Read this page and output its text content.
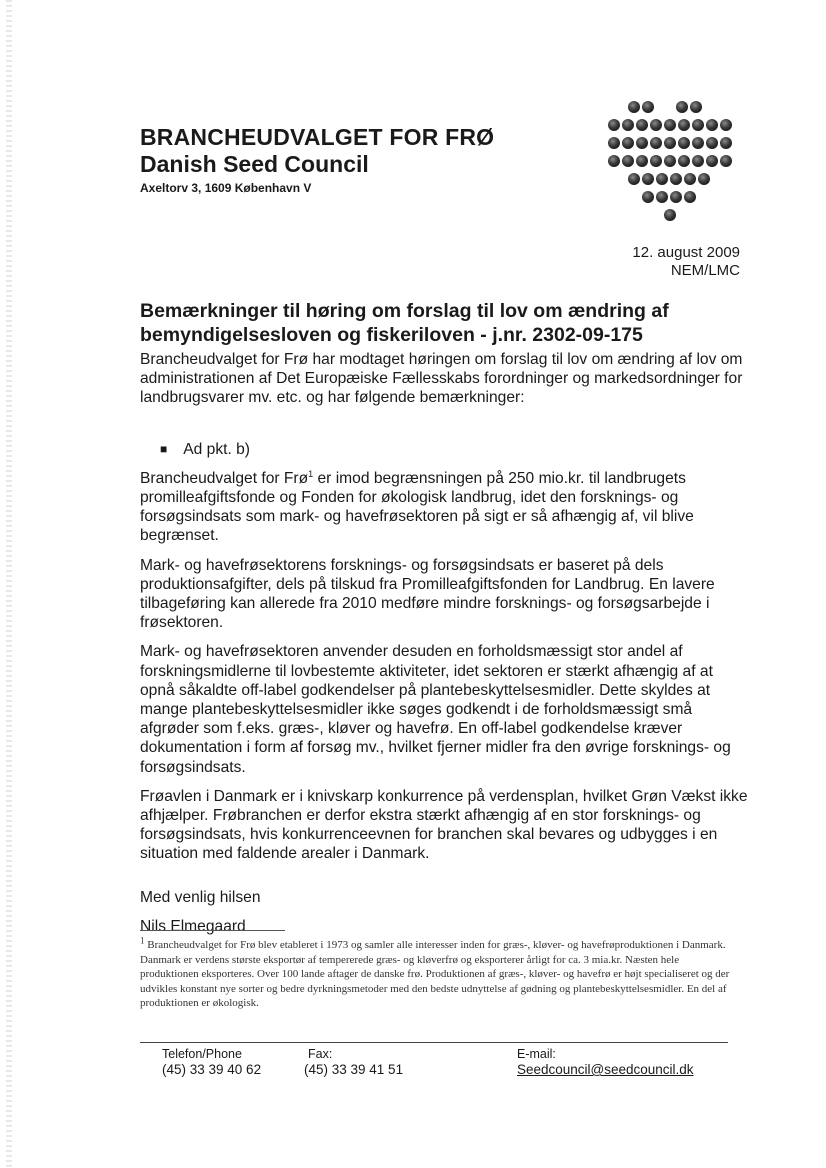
BRANCHEUDVALGET FOR FRØ
Danish Seed Council
Axeltorv 3, 1609 København V
12. august 2009
NEM/LMC
Bemærkninger til høring om forslag til lov om ændring af
bemyndigelsesloven og fiskeriloven - j.nr. 2302-09-175

Brancheudvalget for Frø har modtaget høringen om forslag til lov om ændring af lov om administrationen af Det Europæiske Fællesskabs forordninger og markedsordninger for landbrugsvarer mv. etc. og har følgende bemærkninger:

■ Ad pkt. b)

Brancheudvalget for Frø$^1$ er imod begrænsningen på 250 mio.kr. til landbrugets promilleafgiftsfonde og Fonden for økologisk landbrug, idet den forsknings- og forsøgsindsats som mark- og havefrøsektoren på sigt er så afhængig af, vil blive begrænset.

Mark- og havefrøsektorens forsknings- og forsøgsindsats er baseret på dels produktionsafgifter, dels på tilskud fra Promilleafgiftsfonden for Landbrug. En lavere tilbageføring kan allerede fra 2010 medføre mindre forsknings- og forsøgsarbejde i frøsektoren.

Mark- og havefrøsektoren anvender desuden en forholdsmæssigt stor andel af forskningsmidlerne til lovbestemte aktiviteter, idet sektoren er stærkt afhængig af at opnå såkaldte off-label godkendelser på plantebeskyttelsesmidler. Dette skyldes at mange plantebeskyttelsesmidler ikke søges godkendt i de forholdsmæssigt små afgrøder som f.eks. græs-, kløver og havefrø. En off-label godkendelse kræver dokumentation i form af forsøg mv., hvilket fjerner midler fra den øvrige forsknings- og forsøgsindsats.

Frøavlen i Danmark er i knivskarp konkurrence på verdensplan, hvilket Grøn Vækst ikke afhjælper. Frøbranchen er derfor ekstra stærkt afhængig af en stor forsknings- og forsøgsindsats, hvis konkurrenceevnen for branchen skal bevares og udbygges i en situation med faldende arealer i Danmark.

Med venlig hilsen
Nils Elmegaard
$^1$ Brancheudvalget for Frø blev etableret i 1973 og samler alle interesser inden for græs-, kløver- og havefrøproduktionen i Danmark. Danmark er verdens største eksportør af tempererede græs- og kløverfrø og eksporterer årligt for ca. 3 mia.kr. Næsten hele produktionen eksporteres. Over 100 lande aftager de danske frø. Produktionen af græs-, kløver- og havefrø er højt specialiseret og der udvikles konstant nye sorter og bedre dyrkningsmetoder med den bedste udnyttelse af gødning og plantebeskyttelsesmidler. En del af produktionen er økologisk.
Telefon/Phone
(45) 33 39 40 62
Fax:
(45) 33 39 41 51
E-mail:
Seedcouncil@seedcouncil.dk
